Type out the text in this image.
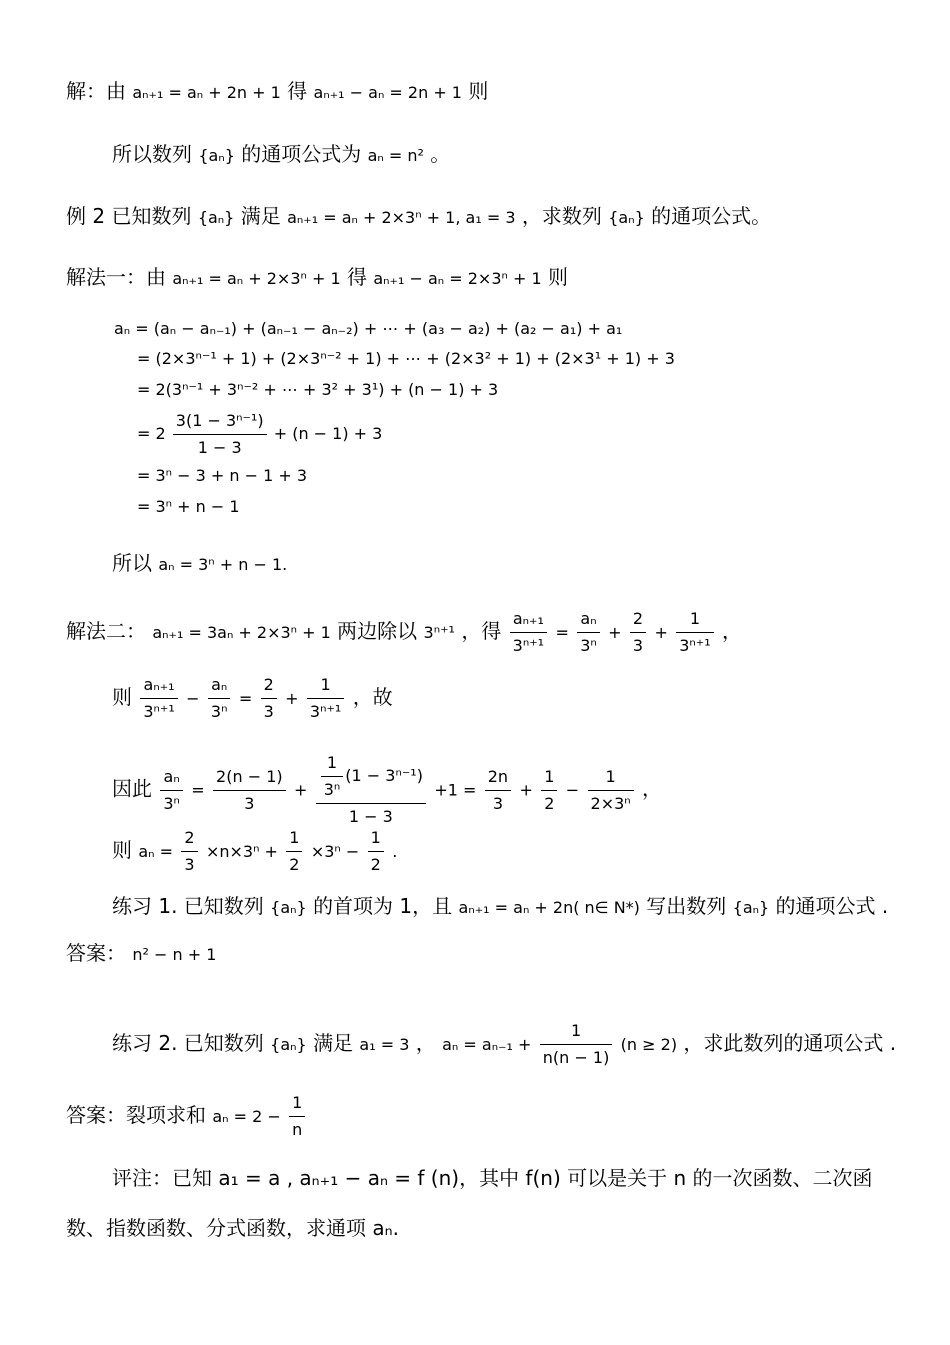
解：由 aₙ₊₁ = aₙ + 2n + 1 得 aₙ₊₁ − aₙ = 2n + 1 则
所以数列 {aₙ} 的通项公式为 aₙ = n² 。
例 2 已知数列 {aₙ} 满足 aₙ₊₁ = aₙ + 2×3ⁿ + 1, a₁ = 3 ，求数列 {aₙ} 的通项公式。
解法一：由 aₙ₊₁ = aₙ + 2×3ⁿ + 1 得 aₙ₊₁ − aₙ = 2×3ⁿ + 1 则
aₙ = (aₙ − aₙ₋₁) + (aₙ₋₁ − aₙ₋₂) + ⋯ + (a₃ − a₂) + (a₂ − a₁) + a₁
= (2×3ⁿ⁻¹ + 1) + (2×3ⁿ⁻² + 1) + ⋯ + (2×3² + 1) + (2×3¹ + 1) + 3
= 2(3ⁿ⁻¹ + 3ⁿ⁻² + ⋯ + 3² + 3¹) + (n − 1) + 3
= $2 \frac{\text{3(1 − 3ⁿ⁻¹)}}{1 - 3} + (n - 1) + 3$
= 3ⁿ − 3 + n − 1 + 3
= 3ⁿ + n − 1
所以 aₙ = 3ⁿ + n − 1.
解法二： aₙ₊₁ = 3aₙ + 2×3ⁿ + 1 两边除以 3ⁿ⁺¹ ，得 $\frac{\text{aₙ₊₁}}{\text{3ⁿ⁺¹}} = \frac{\text{aₙ}}{\text{3ⁿ}} + \frac{2}{3} + \frac{1}{\text{3ⁿ⁺¹}}$ ，
则 $\frac{\text{aₙ₊₁}}{\text{3ⁿ⁺¹}} - \frac{\text{aₙ}}{\text{3ⁿ}} = \frac{2}{3} + \frac{1}{\text{3ⁿ⁺¹}}$ ，故
因此 $\frac{\text{aₙ}}{\text{3ⁿ}} = \frac{2(n - 1)}{3} + \frac{\frac{1}{\text{3ⁿ}} (1 - 3^{n-1})}{1 - 3} +1 = \frac{2n}{3} + \frac{1}{2} - \frac{1}{\text{2×3ⁿ}}$ ，
则 $a_n = \frac{2}{3} \times n\times 3^n + \frac{1}{2} \times 3^n - \frac{1}{2}$ .
练习 1. 已知数列 {aₙ} 的首项为 1，且 aₙ₊₁ = aₙ + 2n( n∈ N*) 写出数列 {aₙ} 的通项公式 .
答案： n² − n + 1
练习 2. 已知数列 {aₙ} 满足 a₁ = 3 ， $a_n = a_{n-1} + \frac{1}{n(n - 1)} (n \ge 2)$ ，求此数列的通项公式 .
答案：裂项求和 $a_n = 2 - \frac{1}{n}$
评注：已知 a₁ = a , aₙ₊₁ − aₙ = f (n)，其中 f(n) 可以是关于 n 的一次函数、二次函
数、指数函数、分式函数，求通项 aₙ.
